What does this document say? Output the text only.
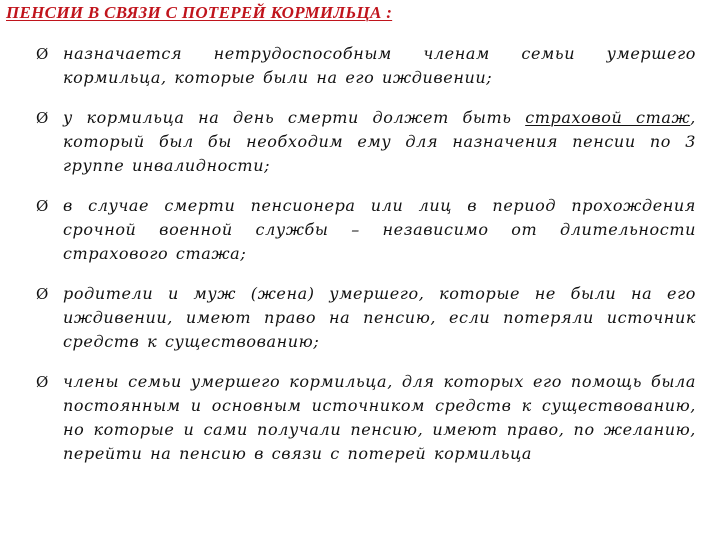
ПЕНСИИ В СВЯЗИ С ПОТЕРЕЙ КОРМИЛЬЦА :
Ø назначается нетрудоспособным членам семьи умершего кормильца, которые были на его иждивении;
Ø у кормильца на день смерти должет быть страховой стаж, который был бы необходим ему для назначения пенсии по 3 группе инвалидности;
Ø в случае смерти пенсионера или лиц в период прохождения срочной военной службы – независимо от длительности страхового стажа;
Ø родители и муж (жена) умершего, которые не были на его иждивении, имеют право на пенсию, если потеряли источник средств к существованию;
Ø члены семьи умершего кормильца, для которых его помощь была постоянным и основным источником средств к существованию, но которые и сами получали пенсию, имеют право, по желанию, перейти на пенсию в связи с потерей кормильца
